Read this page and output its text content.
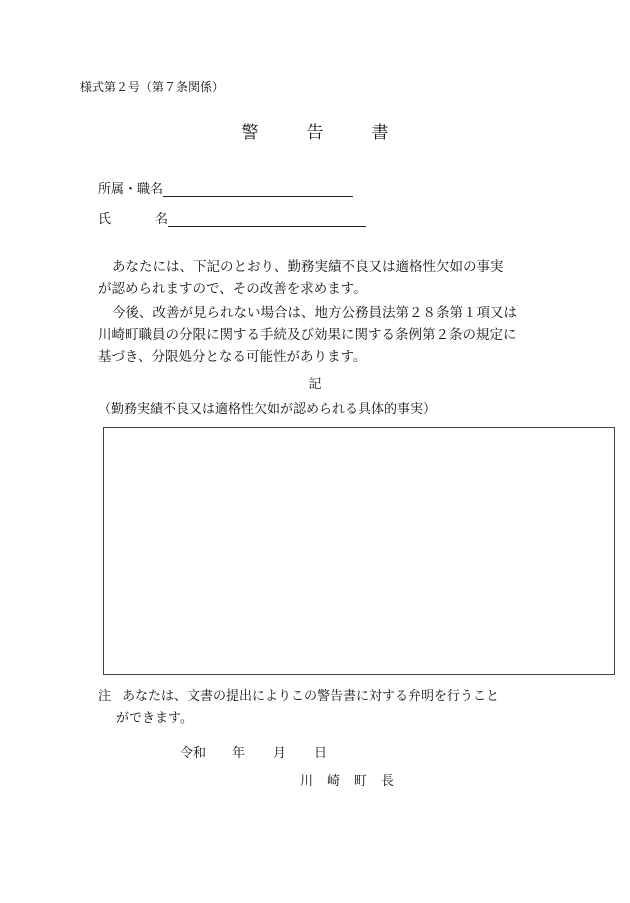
様式第２号（第７条関係）
警	告	書
所属・職名
氏	名
あなたには、下記のとおり、勤務実績不良又は適格性欠如の事実
が認められますので、その改善を求めます。
今後、改善が見られない場合は、地方公務員法第２８条第１項又は
川崎町職員の分限に関する手続及び効果に関する条例第２条の規定に
基づき、分限処分となる可能性があります。
記
（勤務実績不良又は適格性欠如が認められる具体的事実）
注 あなたは、文書の提出によりこの警告書に対する弁明を行うこと
ができます。
令和 年 月 日
川崎町長
